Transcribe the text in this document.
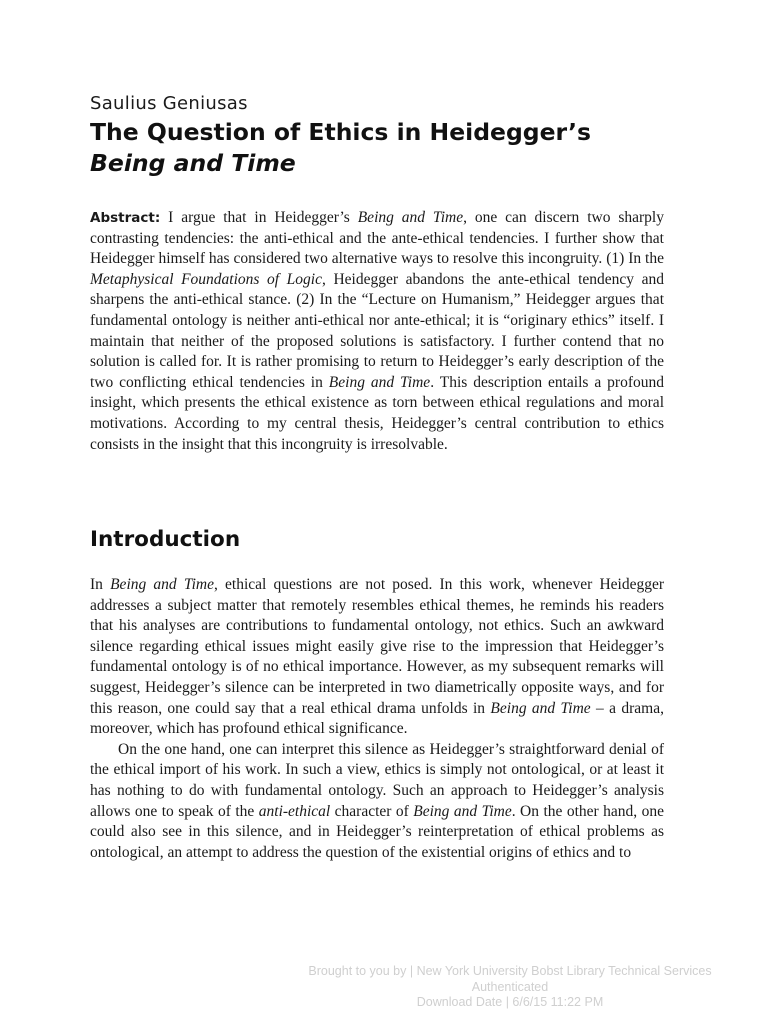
Saulius Geniusas
The Question of Ethics in Heidegger’s
Being and Time
Abstract: I argue that in Heidegger’s Being and Time, one can discern two sharply contrasting tendencies: the anti-ethical and the ante-ethical tendencies. I further show that Heidegger himself has considered two alternative ways to resolve this incongruity. (1) In the Metaphysical Foundations of Logic, Heidegger abandons the ante-ethical tendency and sharpens the anti-ethical stance. (2) In the “Lecture on Humanism,” Heidegger argues that fundamental ontology is neither anti-ethical nor ante-ethical; it is “originary ethics” itself. I maintain that neither of the proposed solutions is satisfactory. I further contend that no solution is called for. It is rather promising to return to Heidegger’s early description of the two conflicting ethical tendencies in Being and Time. This description entails a profound insight, which presents the ethical existence as torn between ethical regulations and moral motivations. According to my central thesis, Heidegger’s central contribution to ethics consists in the insight that this incongruity is irresolvable.
Introduction

In Being and Time, ethical questions are not posed. In this work, whenever Heidegger addresses a subject matter that remotely resembles ethical themes, he reminds his readers that his analyses are contributions to fundamental ontology, not ethics. Such an awkward silence regarding ethical issues might easily give rise to the impression that Heidegger’s fundamental ontology is of no ethical importance. However, as my subsequent remarks will suggest, Heidegger’s silence can be interpreted in two diametrically opposite ways, and for this reason, one could say that a real ethical drama unfolds in Being and Time – a drama, moreover, which has profound ethical significance.

On the one hand, one can interpret this silence as Heidegger’s straightforward denial of the ethical import of his work. In such a view, ethics is simply not ontological, or at least it has nothing to do with fundamental ontology. Such an approach to Heidegger’s analysis allows one to speak of the anti-ethical character of Being and Time. On the other hand, one could also see in this silence, and in Heidegger’s reinterpretation of ethical problems as ontological, an attempt to address the question of the existential origins of ethics and to

Brought to you by | New York University Bobst Library Technical Services
Authenticated
Download Date | 6/6/15 11:22 PM
